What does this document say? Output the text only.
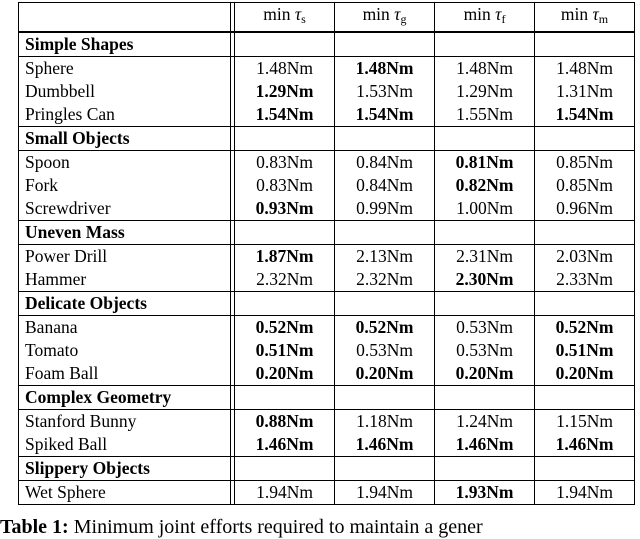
		$\min \tau_s$	$\min \tau_g$	$\min \tau_f$	$\min \tau_m$
Simple Shapes					
Sphere		1.48Nm	1.48Nm	1.48Nm	1.48Nm
Dumbbell		1.29Nm	1.53Nm	1.29Nm	1.31Nm
Pringles Can		1.54Nm	1.54Nm	1.55Nm	1.54Nm
Small Objects					
Spoon		0.83Nm	0.84Nm	0.81Nm	0.85Nm
Fork		0.83Nm	0.84Nm	0.82Nm	0.85Nm
Screwdriver		0.93Nm	0.99Nm	1.00Nm	0.96Nm
Uneven Mass					
Power Drill		1.87Nm	2.13Nm	2.31Nm	2.03Nm
Hammer		2.32Nm	2.32Nm	2.30Nm	2.33Nm
Delicate Objects					
Banana		0.52Nm	0.52Nm	0.53Nm	0.52Nm
Tomato		0.51Nm	0.53Nm	0.53Nm	0.51Nm
Foam Ball		0.20Nm	0.20Nm	0.20Nm	0.20Nm
Complex Geometry					
Stanford Bunny		0.88Nm	1.18Nm	1.24Nm	1.15Nm
Spiked Ball		1.46Nm	1.46Nm	1.46Nm	1.46Nm
Slippery Objects					
Wet Sphere		1.94Nm	1.94Nm	1.93Nm	1.94Nm
Table 1: Minimum joint efforts required to maintain a gener
